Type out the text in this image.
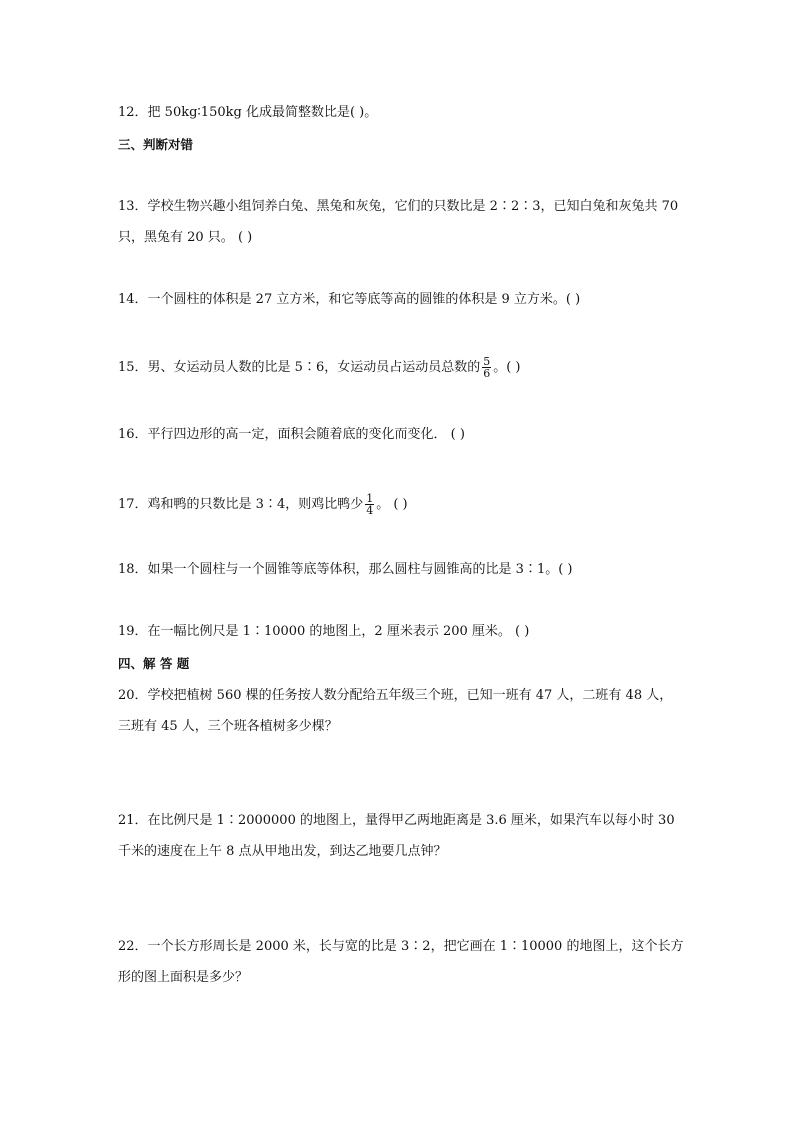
12．把 50kg∶150kg 化成最简整数比是( )。
三、判断对错
13．学校生物兴趣小组饲养白兔、黑兔和灰兔，它们的只数比是 2∶2∶3，已知白兔和灰兔共 70
只，黑兔有 20 只。 ( )
14．一个圆柱的体积是 27 立方米，和它等底等高的圆锥的体积是 9 立方米。( )
15．男、女运动员人数的比是 5∶6，女运动员占运动员总数的 $\frac{5}{6}$ 。( )
16．平行四边形的高一定，面积会随着底的变化而变化． ( )
17．鸡和鸭的只数比是 3∶4，则鸡比鸭少 $\frac{1}{4}$ 。 ( )
18．如果一个圆柱与一个圆锥等底等体积，那么圆柱与圆锥高的比是 3∶1。( )
19．在一幅比例尺是 1∶10000 的地图上，2 厘米表示 200 厘米。 ( )
四、解 答 题
20．学校把植树 560 棵的任务按人数分配给五年级三个班，已知一班有 47 人，二班有 48 人，
三班有 45 人，三个班各植树多少棵？
21．在比例尺是 1∶2000000 的地图上，量得甲乙两地距离是 3.6 厘米，如果汽车以每小时 30
千米的速度在上午 8 点从甲地出发，到达乙地要几点钟？
22．一个长方形周长是 2000 米，长与宽的比是 3∶2，把它画在 1∶10000 的地图上，这个长方
形的图上面积是多少？
